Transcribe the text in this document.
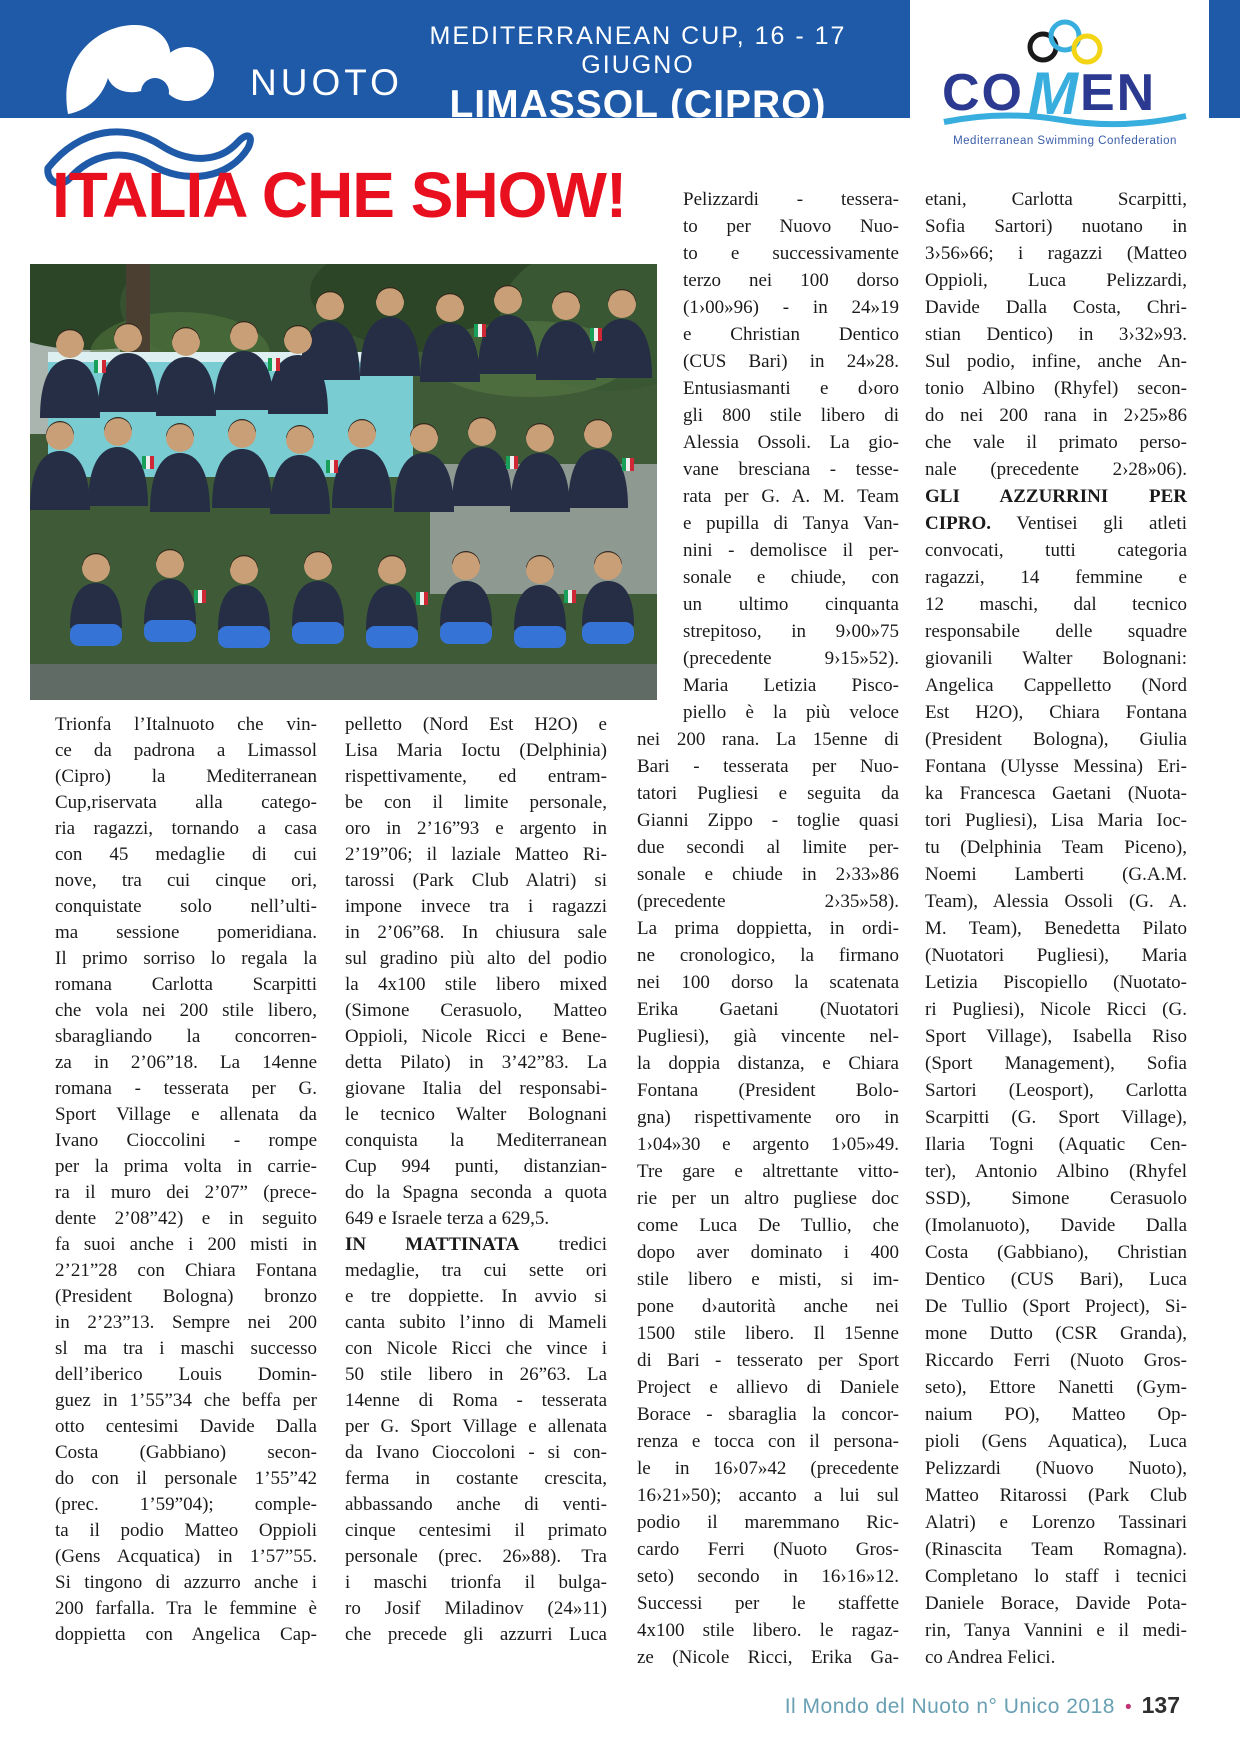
NUOTO
MEDITERRANEAN CUP, 16 - 17 GIUGNO
LIMASSOL (CIPRO)	CO M EN
Mediterranean Swimming Confederation
ITALIA CHE SHOW!
Trionfa l’Italnuoto che vin-
ce da padrona a Limassol
(Cipro) la Mediterranean
Cup,riservata alla catego-
ria ragazzi, tornando a casa
con 45 medaglie di cui
nove, tra cui cinque ori,
conquistate solo nell’ulti-
ma sessione pomeridiana.
Il primo sorriso lo regala la
romana Carlotta Scarpitti
che vola nei 200 stile libero,
sbaragliando la concorren-
za in 2’06”18. La 14enne
romana - tesserata per G.
Sport Village e allenata da
Ivano Cioccolini - rompe
per la prima volta in carrie-
ra il muro dei 2’07” (prece-
dente 2’08”42) e in seguito
fa suoi anche i 200 misti in
2’21”28 con Chiara Fontana
(President Bologna) bronzo
in 2’23”13. Sempre nei 200
sl ma tra i maschi successo
dell’iberico Louis Domin-
guez in 1’55”34 che beffa per
otto centesimi Davide Dalla
Costa (Gabbiano) secon-
do con il personale 1’55”42
(prec. 1’59”04); comple-
ta il podio Matteo Oppioli
(Gens Acquatica) in 1’57”55.
Si tingono di azzurro anche i
200 farfalla. Tra le femmine è
doppietta con Angelica Cap-
pelletto (Nord Est H2O) e
Lisa Maria Ioctu (Delphinia)
rispettivamente, ed entram-
be con il limite personale,
oro in 2’16”93 e argento in
2’19”06; il laziale Matteo Ri-
tarossi (Park Club Alatri) si
impone invece tra i ragazzi
in 2’06”68. In chiusura sale
sul gradino più alto del podio
la 4x100 stile libero mixed
(Simone Cerasuolo, Matteo
Oppioli, Nicole Ricci e Bene-
detta Pilato) in 3’42”83. La
giovane Italia del responsabi-
le tecnico Walter Bolognani
conquista la Mediterranean
Cup 994 punti, distanzian-
do la Spagna seconda a quota
649 e Israele terza a 629,5.
IN MATTINATA tredici
medaglie, tra cui sette ori
e tre doppiette. In avvio si
canta subito l’inno di Mameli
con Nicole Ricci che vince i
50 stile libero in 26”63. La
14enne di Roma - tesserata
per G. Sport Village e allenata
da Ivano Cioccoloni - si con-
ferma in costante crescita,
abbassando anche di venti-
cinque centesimi il primato
personale (prec. 26»88). Tra
i maschi trionfa il bulga-
ro Josif Miladinov (24»11)
che precede gli azzurri Luca
Pelizzardi - tessera-
to per Nuovo Nuo-
to e successivamente
terzo nei 100 dorso
(1›00»96) - in 24»19
e Christian Dentico
(CUS Bari) in 24»28.
Entusiasmanti e d›oro
gli 800 stile libero di
Alessia Ossoli. La gio-
vane bresciana - tesse-
rata per G. A. M. Team
e pupilla di Tanya Van-
nini - demolisce il per-
sonale e chiude, con
un ultimo cinquanta
strepitoso, in 9›00»75
(precedente 9›15»52).
Maria Letizia Pisco-
piello è la più veloce
nei 200 rana. La 15enne di
Bari - tesserata per Nuo-
tatori Pugliesi e seguita da
Gianni Zippo - toglie quasi
due secondi al limite per-
sonale e chiude in 2›33»86
(precedente 2›35»58).
La prima doppietta, in ordi-
ne cronologico, la firmano
nei 100 dorso la scatenata
Erika Gaetani (Nuotatori
Pugliesi), già vincente nel-
la doppia distanza, e Chiara
Fontana (President Bolo-
gna) rispettivamente oro in
1›04»30 e argento 1›05»49.
Tre gare e altrettante vitto-
rie per un altro pugliese doc
come Luca De Tullio, che
dopo aver dominato i 400
stile libero e misti, si im-
pone d›autorità anche nei
1500 stile libero. Il 15enne
di Bari - tesserato per Sport
Project e allievo di Daniele
Borace - sbaraglia la concor-
renza e tocca con il persona-
le in 16›07»42 (precedente
16›21»50); accanto a lui sul
podio il maremmano Ric-
cardo Ferri (Nuoto Gros-
seto) secondo in 16›16»12.
Successi per le staffette
4x100 stile libero. le ragaz-
ze (Nicole Ricci, Erika Ga-
etani, Carlotta Scarpitti,
Sofia Sartori) nuotano in
3›56»66; i ragazzi (Matteo
Oppioli, Luca Pelizzardi,
Davide Dalla Costa, Chri-
stian Dentico) in 3›32»93.
Sul podio, infine, anche An-
tonio Albino (Rhyfel) secon-
do nei 200 rana in 2›25»86
che vale il primato perso-
nale (precedente 2›28»06).
GLI AZZURRINI PER
CIPRO. Ventisei gli atleti
convocati, tutti categoria
ragazzi, 14 femmine e
12 maschi, dal tecnico
responsabile delle squadre
giovanili Walter Bolognani:
Angelica Cappelletto (Nord
Est H2O), Chiara Fontana
(President Bologna), Giulia
Fontana (Ulysse Messina) Eri-
ka Francesca Gaetani (Nuota-
tori Pugliesi), Lisa Maria Ioc-
tu (Delphinia Team Piceno),
Noemi Lamberti (G.A.M.
Team), Alessia Ossoli (G. A.
M. Team), Benedetta Pilato
(Nuotatori Pugliesi), Maria
Letizia Piscopiello (Nuotato-
ri Pugliesi), Nicole Ricci (G.
Sport Village), Isabella Riso
(Sport Management), Sofia
Sartori (Leosport), Carlotta
Scarpitti (G. Sport Village),
Ilaria Togni (Aquatic Cen-
ter), Antonio Albino (Rhyfel
SSD), Simone Cerasuolo
(Imolanuoto), Davide Dalla
Costa (Gabbiano), Christian
Dentico (CUS Bari), Luca
De Tullio (Sport Project), Si-
mone Dutto (CSR Granda),
Riccardo Ferri (Nuoto Gros-
seto), Ettore Nanetti (Gym-
naium PO), Matteo Op-
pioli (Gens Aquatica), Luca
Pelizzardi (Nuovo Nuoto),
Matteo Ritarossi (Park Club
Alatri) e Lorenzo Tassinari
(Rinascita Team Romagna).
Completano lo staff i tecnici
Daniele Borace, Davide Pota-
rin, Tanya Vannini e il medi-
co Andrea Felici.
Il Mondo del Nuoto n° Unico 2018 • 137
